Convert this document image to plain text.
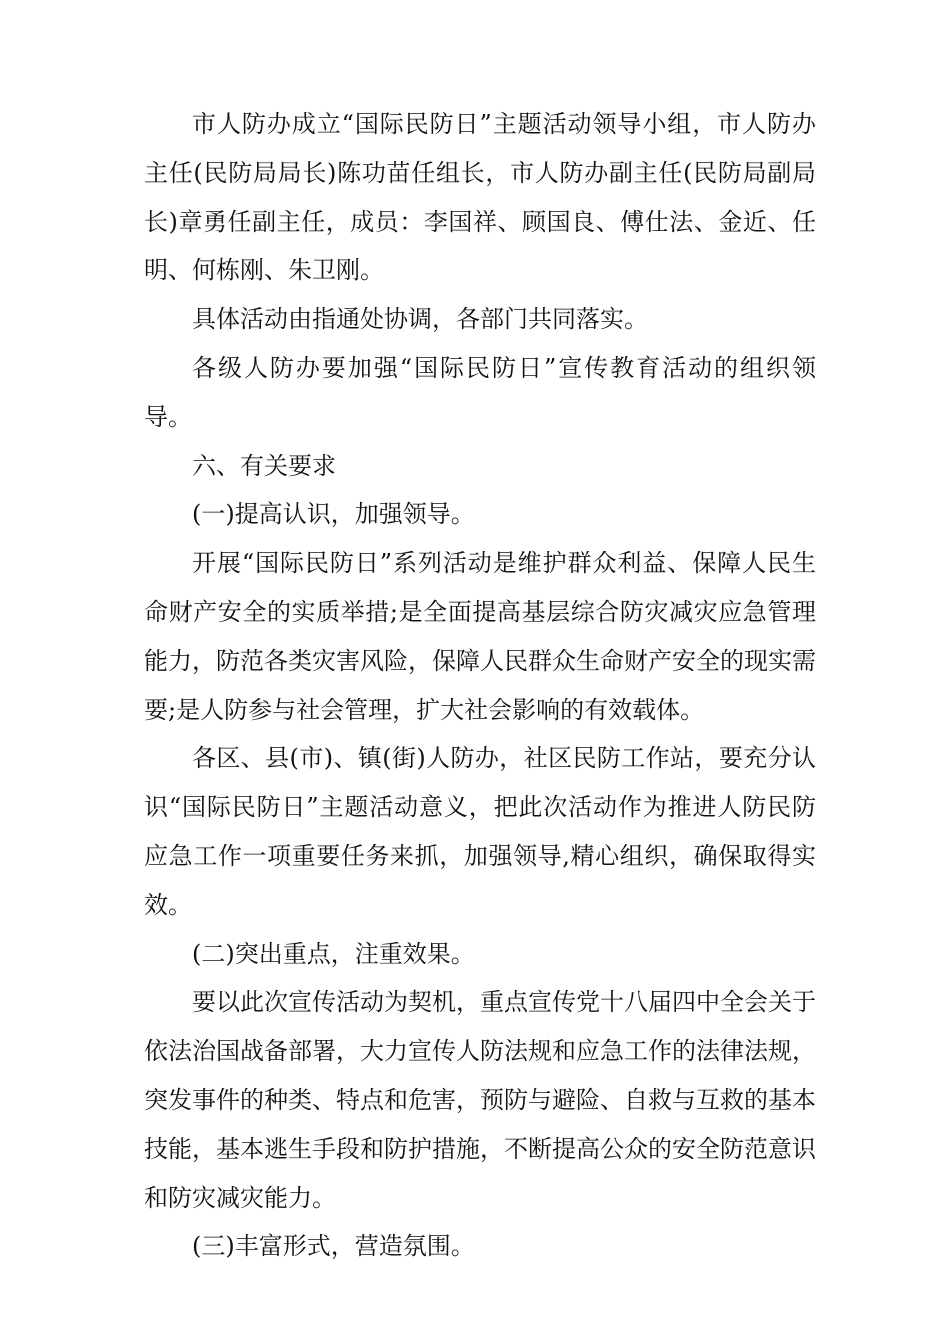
市人防办成立“国际民防日”主题活动领导小组，市人防办主任(民防局局长)陈功苗任组长，市人防办副主任(民防局副局长)章勇任副主任，成员：李国祥、顾国良、傅仕法、金近、任明、何栋刚、朱卫刚。

具体活动由指通处协调，各部门共同落实。

各级人防办要加强“国际民防日”宣传教育活动的组织领导。

六、有关要求

(一)提高认识，加强领导。

开展“国际民防日”系列活动是维护群众利益、保障人民生命财产安全的实质举措;是全面提高基层综合防灾减灾应急管理能力，防范各类灾害风险，保障人民群众生命财产安全的现实需要;是人防参与社会管理，扩大社会影响的有效载体。

各区、县(市)、镇(街)人防办，社区民防工作站，要充分认识“国际民防日”主题活动意义，把此次活动作为推进人防民防应急工作一项重要任务来抓，加强领导,精心组织，确保取得实效。

(二)突出重点，注重效果。

要以此次宣传活动为契机，重点宣传党十八届四中全会关于依法治国战备部署，大力宣传人防法规和应急工作的法律法规，突发事件的种类、特点和危害，预防与避险、自救与互救的基本技能，基本逃生手段和防护措施，不断提高公众的安全防范意识和防灾减灾能力。

(三)丰富形式，营造氛围。
